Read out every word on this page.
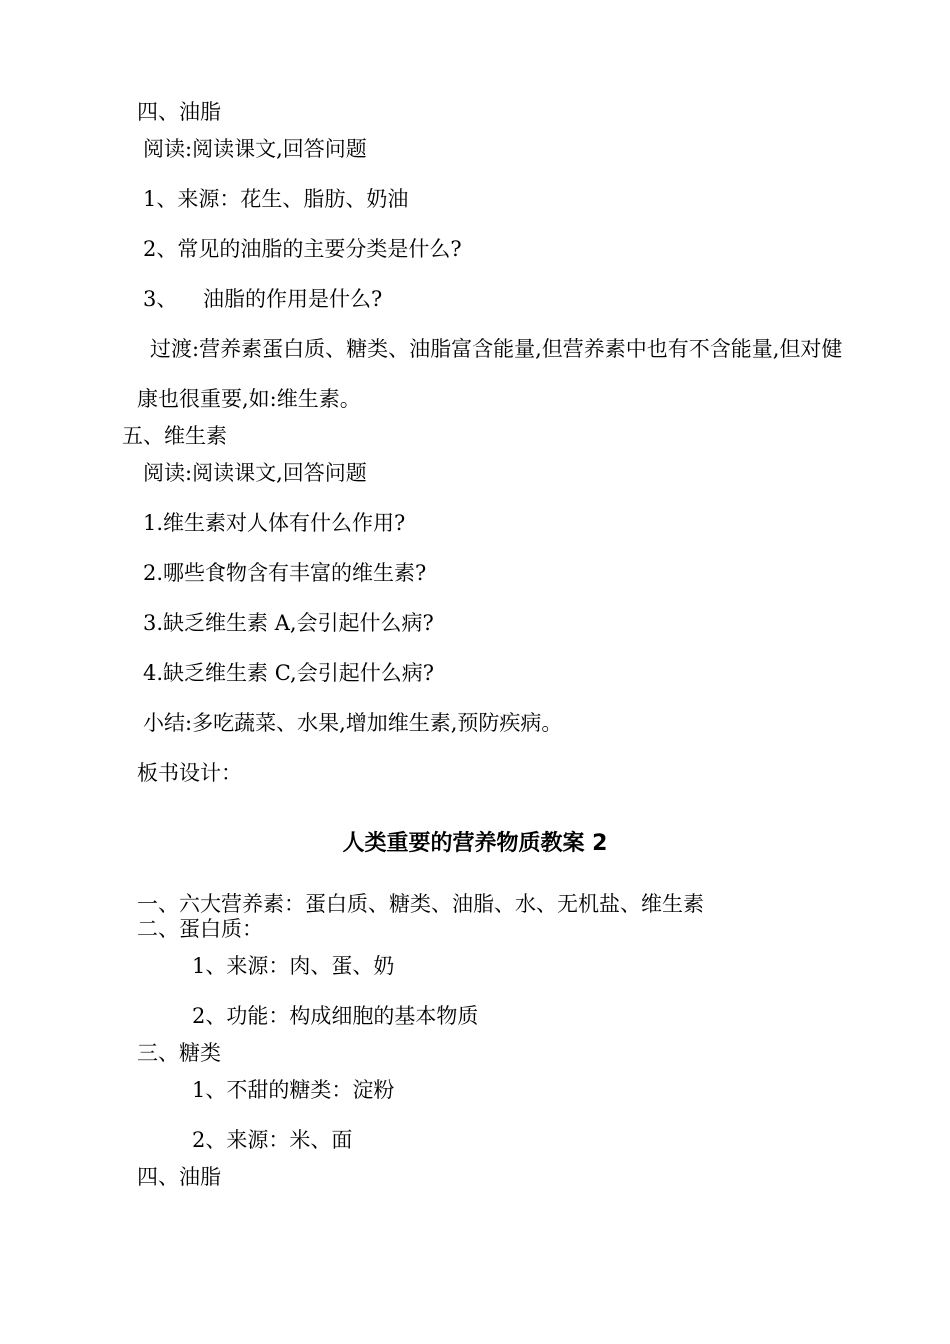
四、油脂
阅读:阅读课文,回答问题
1、来源：花生、脂肪、奶油
2、常见的油脂的主要分类是什么?
3、 油脂的作用是什么?
过渡:营养素蛋白质、糖类、油脂富含能量,但营养素中也有不含能量,但对健
康也很重要,如:维生素。
五、维生素
阅读:阅读课文,回答问题
1.维生素对人体有什么作用?
2.哪些食物含有丰富的维生素?
3.缺乏维生素 A,会引起什么病?
4.缺乏维生素 C,会引起什么病?
小结:多吃蔬菜、水果,增加维生素,预防疾病。
板书设计：
人类重要的营养物质教案 2
一、六大营养素：蛋白质、糖类、油脂、水、无机盐、维生素
二、蛋白质：
1、来源：肉、蛋、奶
2、功能：构成细胞的基本物质
三、糖类
1、不甜的糖类：淀粉
2、来源：米、面
四、油脂
